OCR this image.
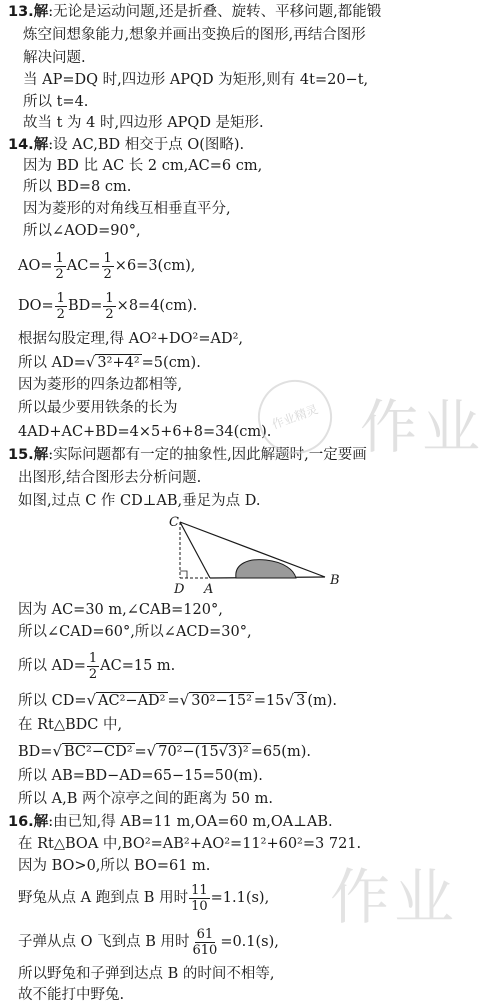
13.解:无论是运动问题,还是折叠、旋转、平移问题,都能锻
炼空间想象能力,想象并画出变换后的图形,再结合图形
解决问题.
当 AP=DQ 时,四边形 APQD 为矩形,则有 4t=20−t,
所以 t=4.
故当 t 为 4 时,四边形 APQD 是矩形.
14.解:设 AC,BD 相交于点 O(图略).
因为 BD 比 AC 长 2 cm,AC=6 cm,
所以 BD=8 cm.
因为菱形的对角线互相垂直平分,
所以∠AOD=90°,
$AO= \frac{1}{2} AC= \frac{1}{2} \times 6=3(cm)$,
$DO= \frac{1}{2} BD= \frac{1}{2} \times 8=4(cm)$.
根据勾股定理,得 AO²+DO²=AD²,
所以 AD=√ 3²+4² =5(cm).
因为菱形的四条边都相等,
所以最少要用铁条的长为
4AD+AC+BD=4×5+6+8=34(cm).
15.解:实际问题都有一定的抽象性,因此解题时,一定要画
出图形,结合图形去分析问题.
如图,过点 C 作 CD⊥AB,垂足为点 D.
C
D A
B
因为 AC=30 m,∠CAB=120°,
所以∠CAD=60°,所以∠ACD=30°,
所以 $AD= \frac{1}{2} AC=15$ m.
所以 CD=√ AC²−AD² =√ 30²−15² =15√ 3 (m).
在 Rt△BDC 中,
BD=√ BC²−CD² =√ 70²−(15√3)² =65(m).
所以 AB=BD−AD=65−15=50(m).
所以 A,B 两个凉亭之间的距离为 50 m.
16.解:由已知,得 AB=11 m,OA=60 m,OA⊥AB.
在 Rt△BOA 中,BO²=AB²+AO²=11²+60²=3 721.
因为 BO>0,所以 BO=61 m.
野兔从点 A 跑到点 B 用时 $\frac{11}{10} =1.1(s)$,
子弹从点 O 飞到点 B 用时 $\frac{61}{610} =0.1(s)$,
所以野兔和子弹到达点 B 的时间不相等,
故不能打中野兔.
作业精灵 作业
作业
